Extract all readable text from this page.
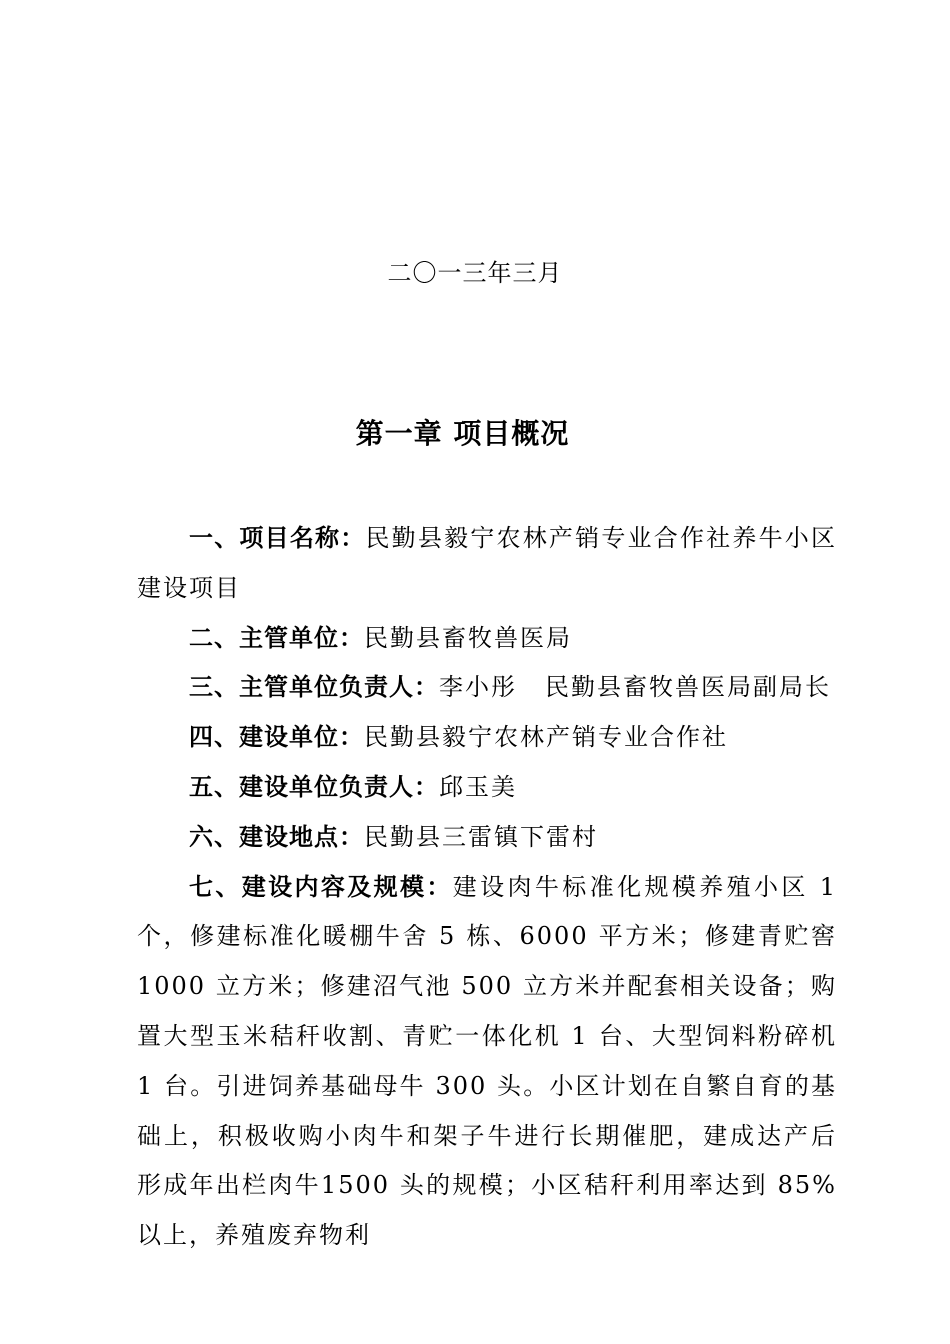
二〇一三年三月
第一章 项目概况

一、项目名称：民勤县毅宁农林产销专业合作社养牛小区建设项目

二、主管单位：民勤县畜牧兽医局

三、主管单位负责人：李小彤 民勤县畜牧兽医局副局长

四、建设单位：民勤县毅宁农林产销专业合作社

五、建设单位负责人：邱玉美

六、建设地点：民勤县三雷镇下雷村

七、建设内容及规模：建设肉牛标准化规模养殖小区 1 个，修建标准化暖棚牛舍 5 栋、6000 平方米；修建青贮窖 1000 立方米；修建沼气池 500 立方米并配套相关设备；购置大型玉米秸秆收割、青贮一体化机 1 台、大型饲料粉碎机 1 台。引进饲养基础母牛 300 头。小区计划在自繁自育的基础上，积极收购小肉牛和架子牛进行长期催肥，建成达产后形成年出栏肉牛1500 头的规模；小区秸秆利用率达到 85%以上，养殖废弃物利
